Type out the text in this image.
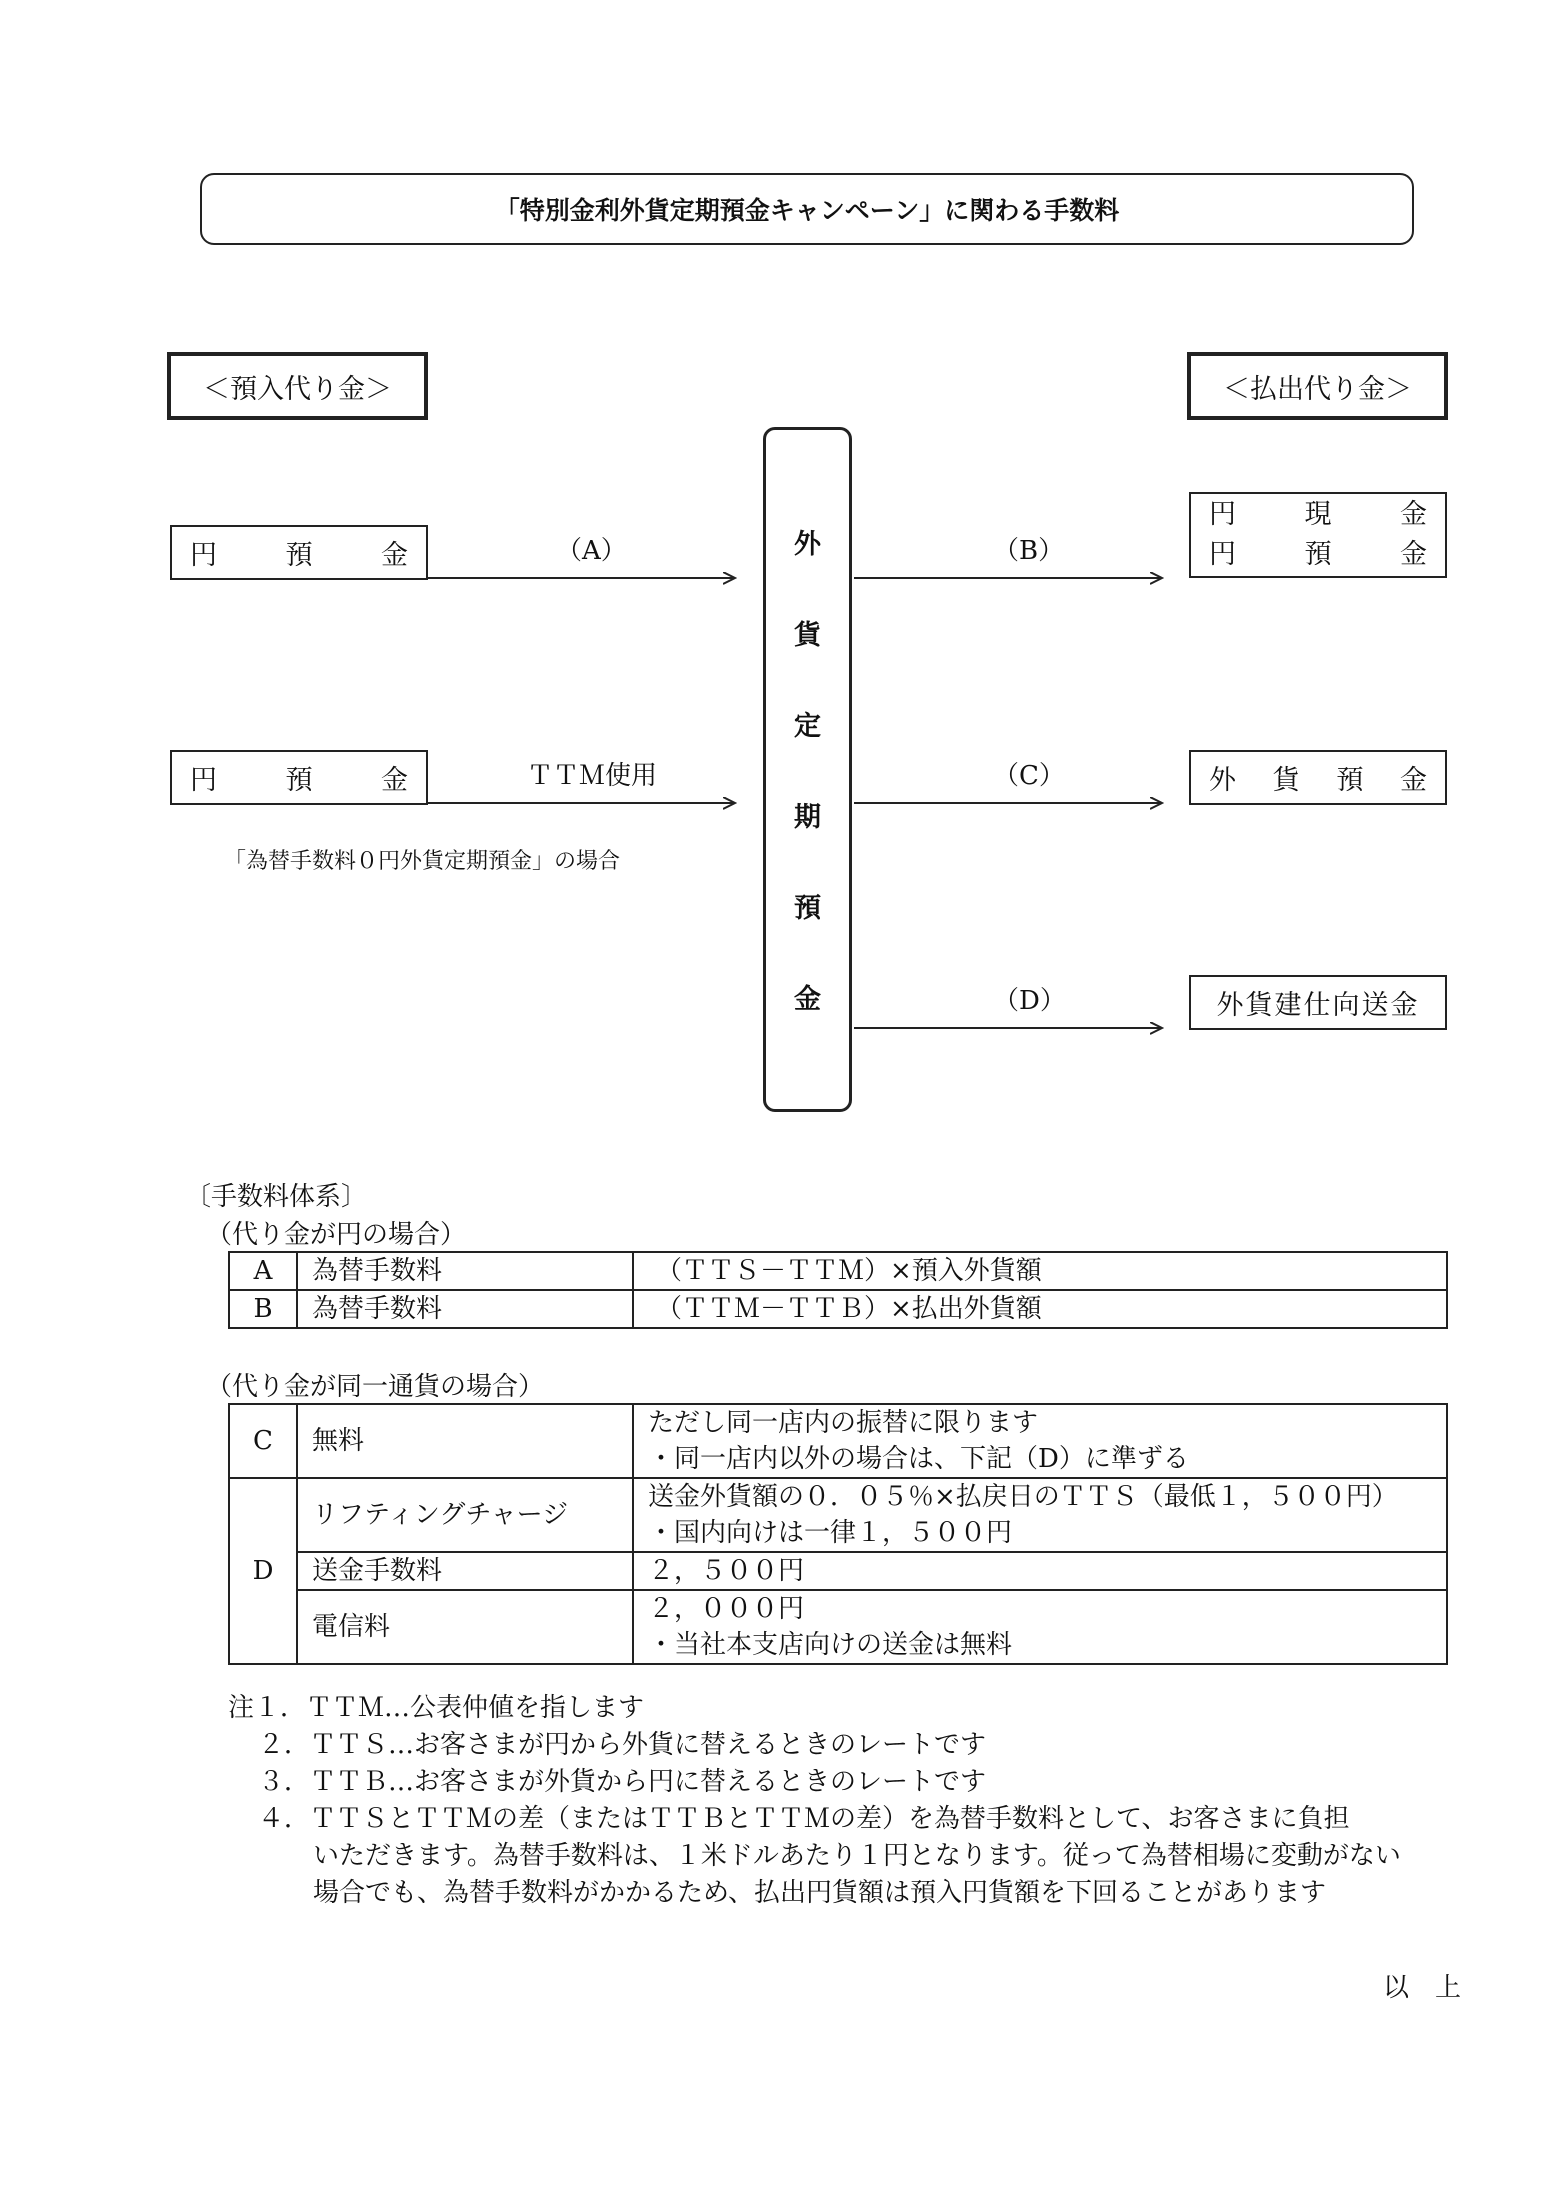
「特別金利外貨定期預金キャンペーン」に関わる手数料
＜預入代り金＞	＜払出代り金＞
円	預	金
円	預	金
「為替手数料０円外貨定期預金」の場合
外
貨
定
期
預
金
（A）
ＴＴＭ使用
（B）
（C）
（D）
円	現	金
円	預	金
外 貨 預 金
外貨建仕向送金
〔手数料体系〕
（代り金が円の場合）
A	為替手数料	（ＴＴＳ－ＴＴＭ）×預入外貨額
B	為替手数料	（ＴＴＭ－ＴＴＢ）×払出外貨額
（代り金が同一通貨の場合）
C	無料	ただし同一店内の振替に限ります
・同一店内以外の場合は、下記（D）に準ずる

D	リフティングチャージ	送金外貨額の０．０５％×払戻日のＴＴＳ（最低１，５００円）
・国内向けは一律１，５００円

	送金手数料	２，５００円

	電信料	２，０００円
・当社本支店向けの送金は無料
注１．ＴＴＭ…公表仲値を指します
２．ＴＴＳ…お客さまが円から外貨に替えるときのレートです
３．ＴＴＢ…お客さまが外貨から円に替えるときのレートです
４．ＴＴＳとＴＴＭの差（またはＴＴＢとＴＴＭの差）を為替手数料として、お客さまに負担
いただきます。為替手数料は、１米ドルあたり１円となります。従って為替相場に変動がない
場合でも、為替手数料がかかるため、払出円貨額は預入円貨額を下回ることがあります
以　上
